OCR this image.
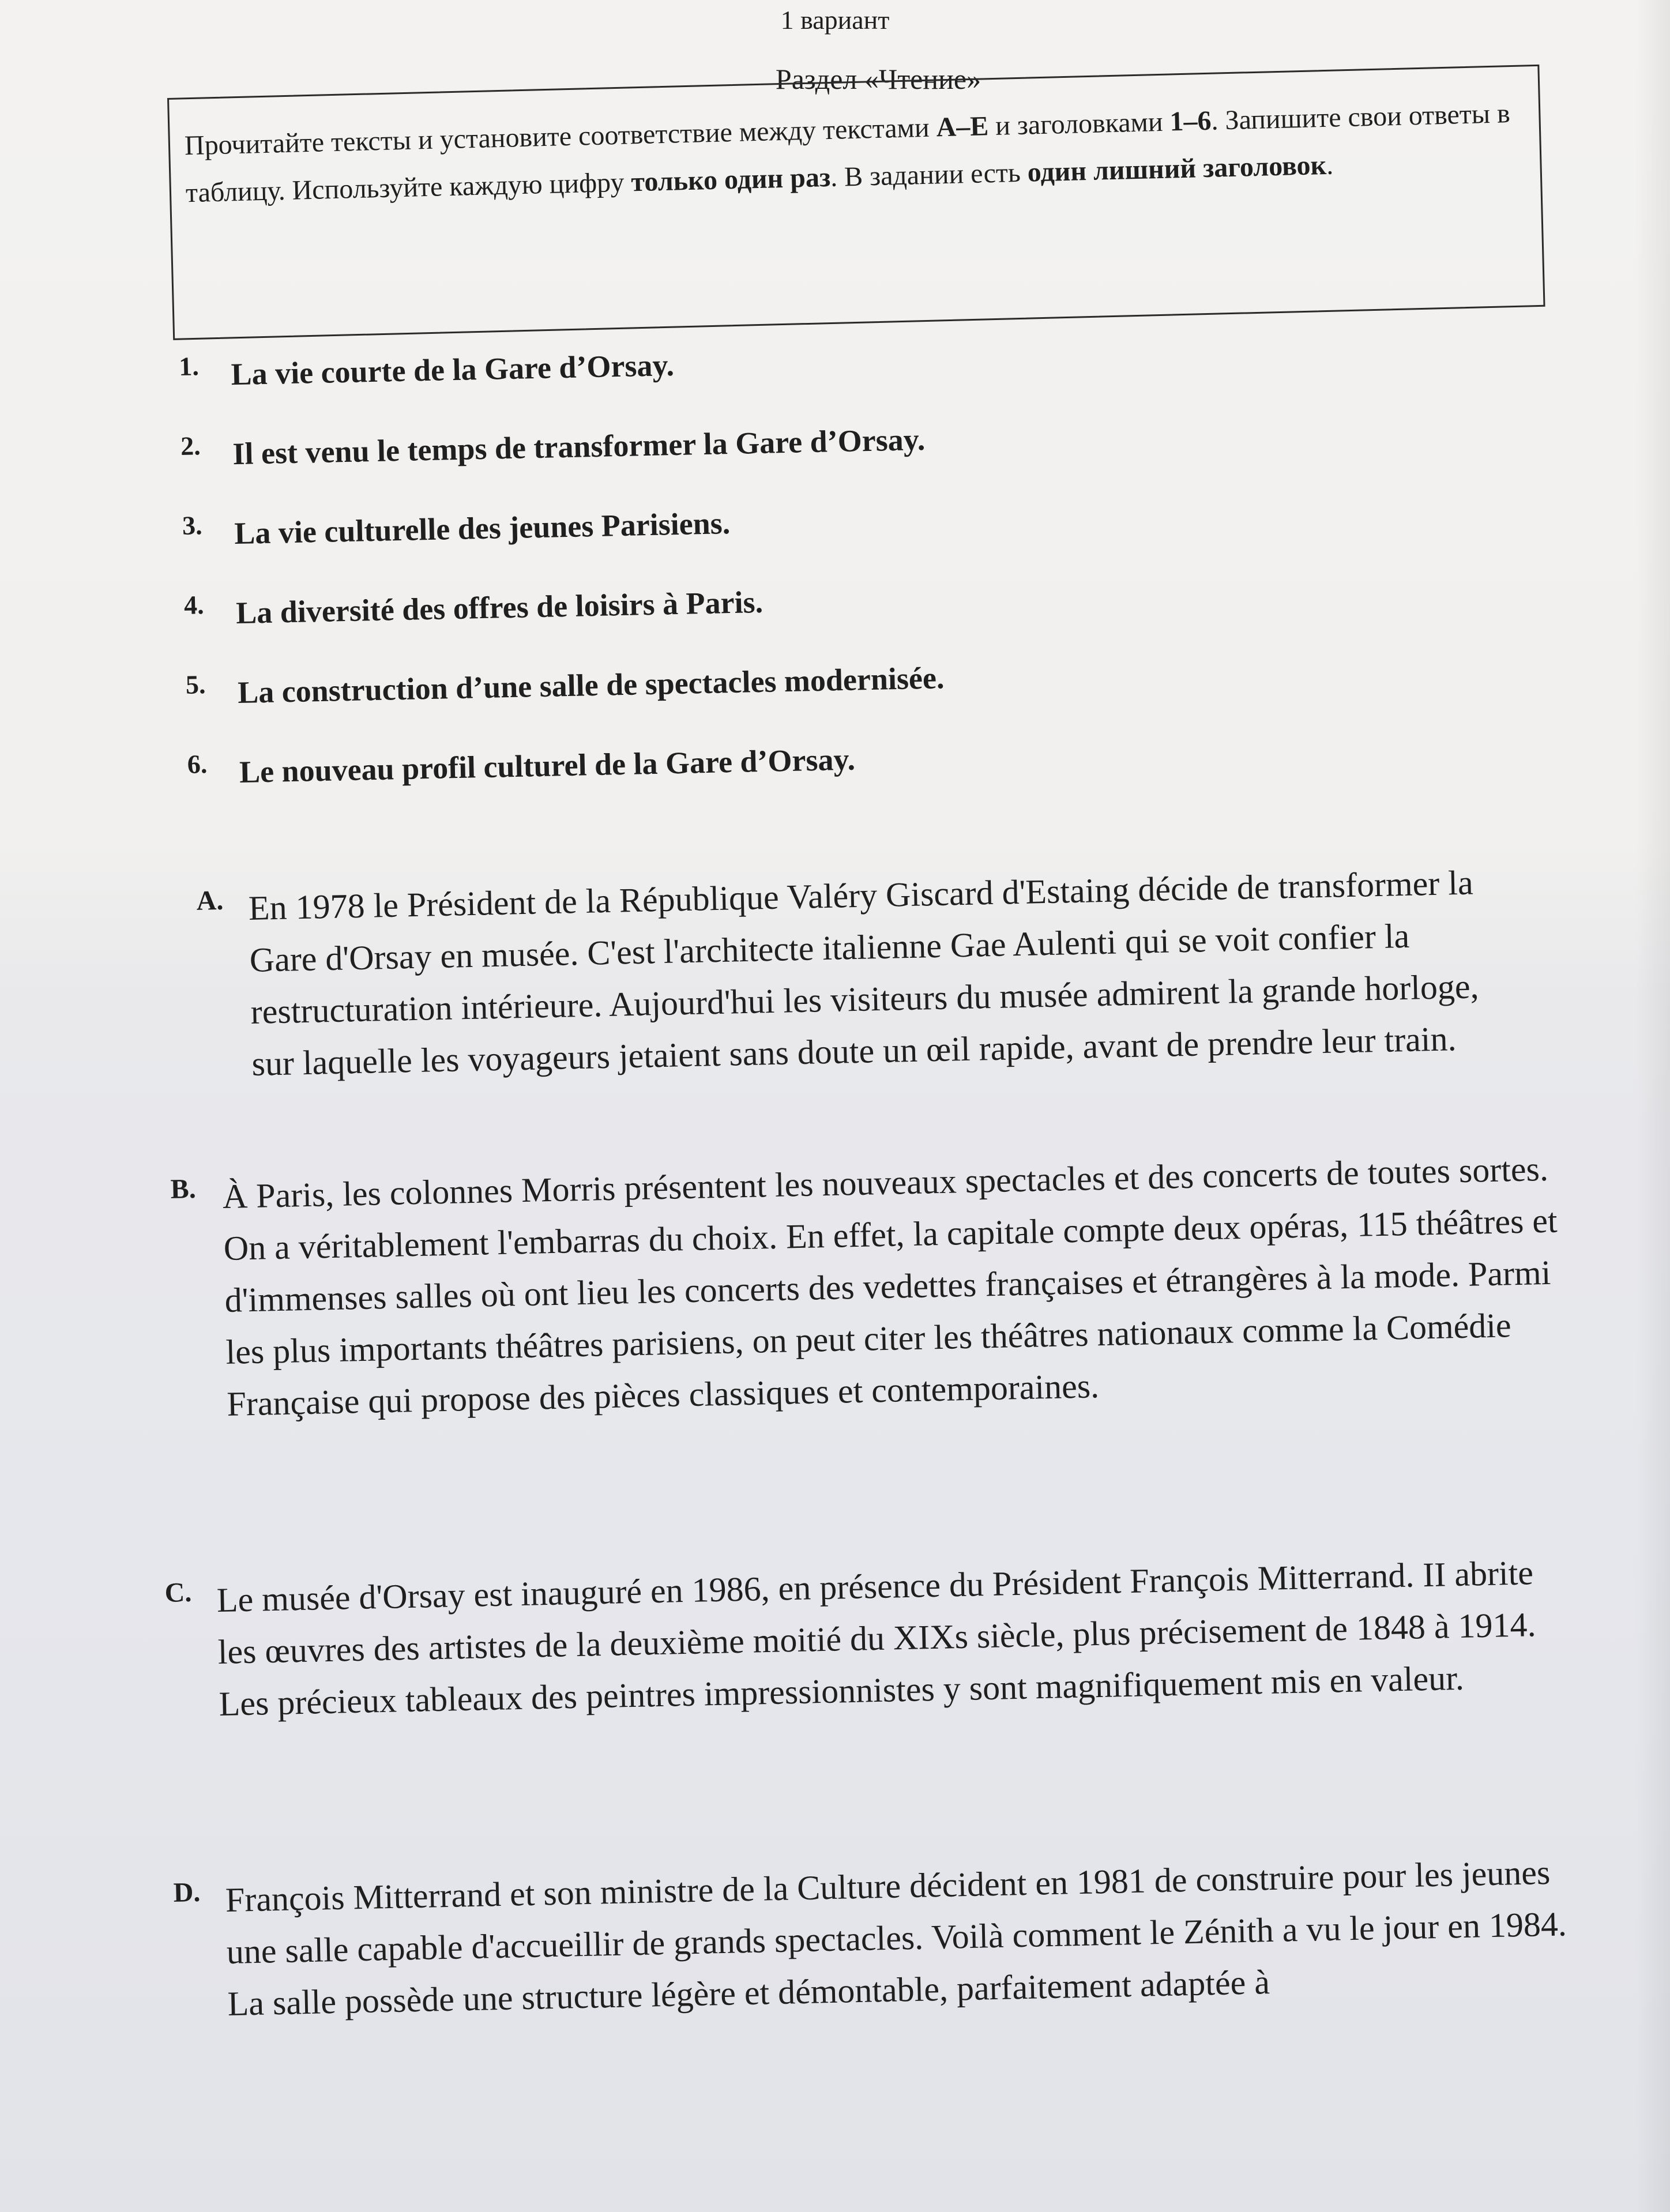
1 вариант
Раздел «Чтение»
Прочитайте тексты и установите соответствие между текстами A–E и заголовками 1–6. Запишите свои ответы в таблицу. Используйте каждую цифру только один раз. В задании есть один лишний заголовок.
1.	La vie courte de la Gare d’Orsay.
2.	Il est venu le temps de transformer la Gare d’Orsay.
3.	La vie culturelle des jeunes Parisiens.
4.	La diversité des offres de loisirs à Paris.
5.	La construction d’une salle de spectacles modernisée.
6.	Le nouveau profil culturel de la Gare d’Orsay.
A. En 1978 le Président de la République Valéry Giscard d'Estaing décide de transformer la Gare d'Orsay en musée. C'est l'architecte italienne Gae Aulenti qui se voit confier la restructuration intérieure. Aujourd'hui les visiteurs du musée admirent la grande horloge, sur laquelle les voyageurs jetaient sans doute un œil rapide, avant de prendre leur train.
B. À Paris, les colonnes Morris présentent les nouveaux spectacles et des concerts de toutes sortes. On a véritablement l'embarras du choix. En effet, la capitale compte deux opéras, 115 théâtres et d'immenses salles où ont lieu les concerts des vedettes françaises et étrangères à la mode. Parmi les plus importants théâtres parisiens, on peut citer les théâtres nationaux comme la Comédie Française qui propose des pièces classiques et contemporaines.
C. Le musée d'Orsay est inauguré en 1986, en présence du Président François Mitterrand. II abrite les œuvres des artistes de la deuxième moitié du XIXs siècle, plus précisement de 1848 à 1914. Les précieux tableaux des peintres impressionnistes y sont magnifiquement mis en valeur.
D. François Mitterrand et son ministre de la Culture décident en 1981 de construire pour les jeunes une salle capable d'accueillir de grands spectacles. Voilà comment le Zénith a vu le jour en 1984. La salle possède une structure légère et démontable, parfaitement adaptée à
